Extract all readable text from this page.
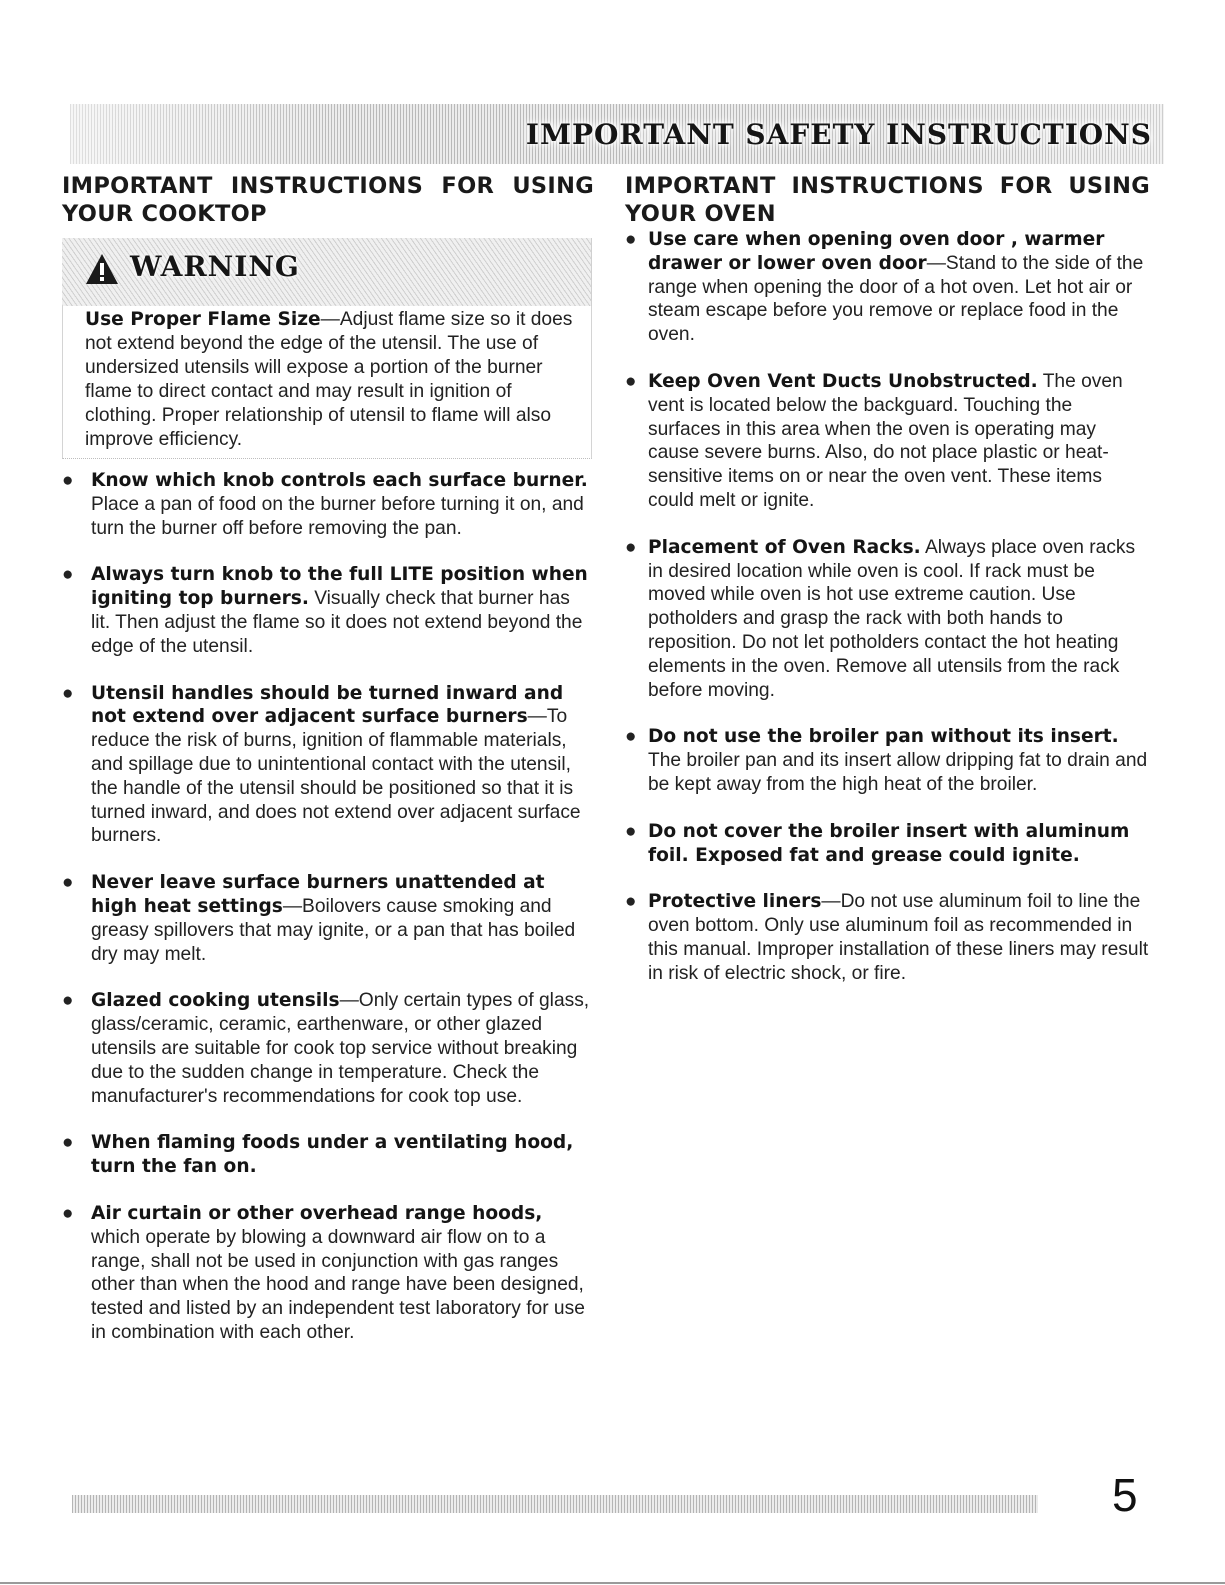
IMPORTANT SAFETY INSTRUCTIONS
IMPORTANT INSTRUCTIONS FOR USING YOUR COOKTOP
WARNING
Use Proper Flame Size—Adjust flame size so it does not extend beyond the edge of the utensil. The use of undersized utensils will expose a portion of the burner flame to direct contact and may result in ignition of clothing. Proper relationship of utensil to flame will also improve efficiency.
● Know which knob controls each surface burner. Place a pan of food on the burner before turning it on, and turn the burner off before removing the pan.
● Always turn knob to the full LITE position when igniting top burners. Visually check that burner has lit. Then adjust the flame so it does not extend beyond the edge of the utensil.
● Utensil handles should be turned inward and not extend over adjacent surface burners—To reduce the risk of burns, ignition of flammable materials, and spillage due to unintentional contact with the utensil, the handle of the utensil should be positioned so that it is turned inward, and does not extend over adjacent surface burners.
● Never leave surface burners unattended at high heat settings—Boilovers cause smoking and greasy spillovers that may ignite, or a pan that has boiled dry may melt.
● Glazed cooking utensils—Only certain types of glass, glass/ceramic, ceramic, earthenware, or other glazed utensils are suitable for cook top service without breaking due to the sudden change in temperature. Check the manufacturer's recommendations for cook top use.
● When flaming foods under a ventilating hood, turn the fan on.
● Air curtain or other overhead range hoods, which operate by blowing a downward air flow on to a range, shall not be used in conjunction with gas ranges other than when the hood and range have been designed, tested and listed by an independent test laboratory for use in combination with each other.
IMPORTANT INSTRUCTIONS FOR USING YOUR OVEN
● Use care when opening oven door , warmer drawer or lower oven door—Stand to the side of the range when opening the door of a hot oven. Let hot air or steam escape before you remove or replace food in the oven.
● Keep Oven Vent Ducts Unobstructed. The oven vent is located below the backguard. Touching the surfaces in this area when the oven is operating may cause severe burns. Also, do not place plastic or heat-sensitive items on or near the oven vent. These items could melt or ignite.
● Placement of Oven Racks. Always place oven racks in desired location while oven is cool. If rack must be moved while oven is hot use extreme caution. Use potholders and grasp the rack with both hands to reposition. Do not let potholders contact the hot heating elements in the oven. Remove all utensils from the rack before moving.
● Do not use the broiler pan without its insert. The broiler pan and its insert allow dripping fat to drain and be kept away from the high heat of the broiler.
● Do not cover the broiler insert with aluminum foil. Exposed fat and grease could ignite.
● Protective liners—Do not use aluminum foil to line the oven bottom. Only use aluminum foil as recommended in this manual. Improper installation of these liners may result in risk of electric shock, or fire.
5
